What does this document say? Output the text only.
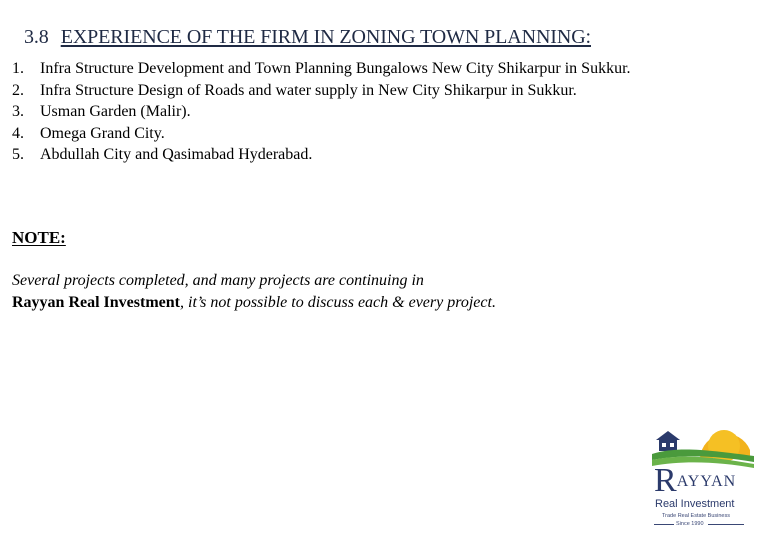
3.8 EXPERIENCE OF THE FIRM IN ZONING TOWN PLANNING:
1.	Infra Structure Development and Town Planning Bungalows New City Shikarpur in Sukkur.
2.	Infra Structure Design of Roads and water supply in New City Shikarpur in Sukkur.
3.	Usman Garden (Malir).
4.	Omega Grand City.
5.	Abdullah City and Qasimabad Hyderabad.
NOTE:
Several projects completed, and many projects are continuing in
Rayyan Real Investment, it’s not possible to discuss each & every project.
RAYYAN
Real Investment
Trade Real Estate Business
Since 1990
